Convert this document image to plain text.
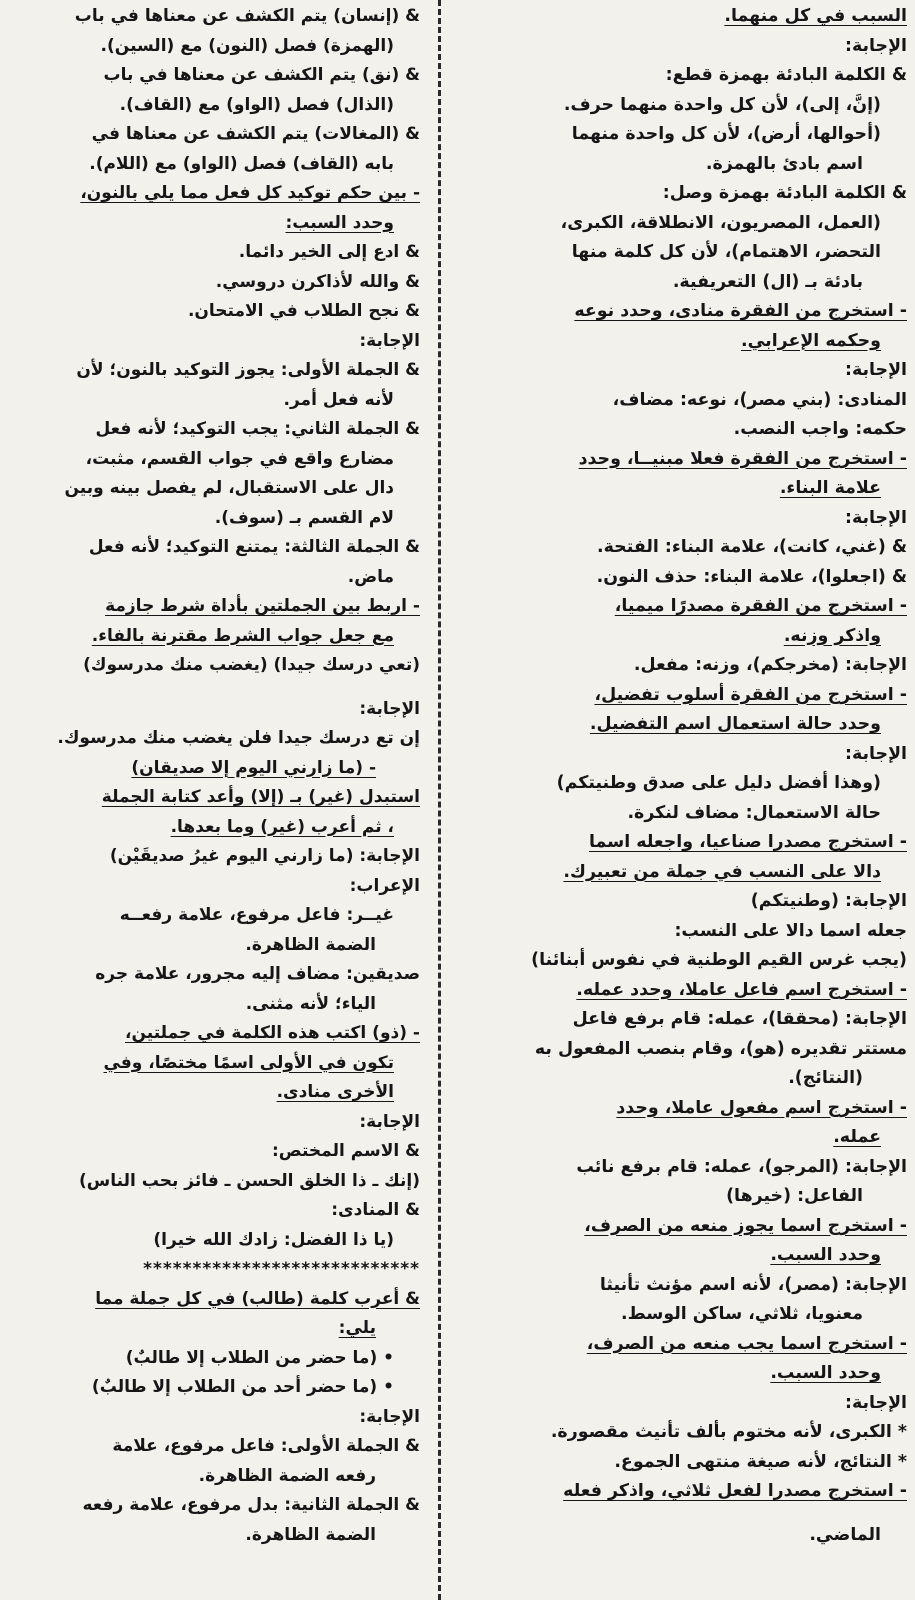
السبب في كل منهما.
الإجابة:
& الكلمة البادئة بهمزة قطع:
(إنَّ، إلى)، لأن كل واحدة منهما حرف.
(أحوالها، أرض)، لأن كل واحدة منهما
اسم بادئ بالهمزة.
& الكلمة البادئة بهمزة وصل:
(العمل، المصريون، الانطلاقة، الكبرى،
التحضر، الاهتمام)، لأن كل كلمة منها
بادئة بـ (ال) التعريفية.
- استخرج من الفقرة منادى، وحدد نوعه
وحكمه الإعرابي.
الإجابة:
المنادى: (بني مصر)، نوعه: مضاف،
حكمه: واجب النصب.
- استخرج من الفقرة فعلا مبنيــا، وحدد
علامة البناء.
الإجابة:
& (غني، كانت)، علامة البناء: الفتحة.
& (اجعلوا)، علامة البناء: حذف النون.
- استخرج من الفقرة مصدرًا ميميا،
واذكر وزنه.
الإجابة: (مخرجكم)، وزنه: مفعل.
- استخرج من الفقرة أسلوب تفضيل،
وحدد حالة استعمال اسم التفضيل.
الإجابة:
(وهذا أفضل دليل على صدق وطنيتكم)
حالة الاستعمال: مضاف لنكرة.
- استخرج مصدرا صناعيا، واجعله اسما
دالا على النسب في جملة من تعبيرك.
الإجابة: (وطنيتكم)
جعله اسما دالا على النسب:
(يجب غرس القيم الوطنية في نفوس أبنائنا)
- استخرج اسم فاعل عاملا، وحدد عمله.
الإجابة: (محققا)، عمله: قام برفع فاعل
مستتر تقديره (هو)، وقام بنصب المفعول به
(النتائج).
- استخرج اسم مفعول عاملا، وحدد
عمله.
الإجابة: (المرجو)، عمله: قام برفع نائب
الفاعل: (خيرها)
- استخرج اسما يجوز منعه من الصرف،
وحدد السبب.
الإجابة: (مصر)، لأنه اسم مؤنث تأنيثا
معنويا، ثلاثي، ساكن الوسط.
- استخرج اسما يجب منعه من الصرف،
وحدد السبب.
الإجابة:
* الكبرى، لأنه مختوم بألف تأنيث مقصورة.
* النتائج، لأنه صيغة منتهى الجموع.
- استخرج مصدرا لفعل ثلاثي، واذكر فعله
الماضي.
& (إنسان) يتم الكشف عن معناها في باب
(الهمزة) فصل (النون) مع (السين).
& (نق) يتم الكشف عن معناها في باب
(الذال) فصل (الواو) مع (القاف).
& (المغالات) يتم الكشف عن معناها في
بابه (القاف) فصل (الواو) مع (اللام).
- بين حكم توكيد كل فعل مما يلي بالنون،
وحدد السبب:
& ادع إلى الخير دائما.
& والله لأذاكرن دروسي.
& نجح الطلاب في الامتحان.
الإجابة:
& الجملة الأولى: يجوز التوكيد بالنون؛ لأن
لأنه فعل أمر.
& الجملة الثاني: يجب التوكيد؛ لأنه فعل
مضارع واقع في جواب القسم، مثبت،
دال على الاستقبال، لم يفصل بينه وبين
لام القسم بـ (سوف).
& الجملة الثالثة: يمتنع التوكيد؛ لأنه فعل
ماض.
- اربط بين الجملتين بأداة شرط جازمة
مع جعل جواب الشرط مقترنة بالفاء.
(تعي درسك جيدا) (يغضب منك مدرسوك)
الإجابة:
إن تع درسك جيدا فلن يغضب منك مدرسوك.
- (ما زارني اليوم إلا صديقان)
استبدل (غير) بـ (إلا) وأعد كتابة الجملة
، ثم أعرب (غير) وما بعدها.
الإجابة: (ما زارني اليوم غيرُ صديقَيْن)
الإعراب:
غيــر: فاعل مرفوع، علامة رفعــه
الضمة الظاهرة.
صديقين: مضاف إليه مجرور، علامة جره
الياء؛ لأنه مثنى.
- (ذو) اكتب هذه الكلمة في جملتين،
تكون في الأولى اسمًا مختصًا، وفي
الأخرى منادى.
الإجابة:
& الاسم المختص:
(إنك ـ ذا الخلق الحسن ـ فائز بحب الناس)
& المنادى:
(يا ذا الفضل: زادك الله خيرا)
****************************
& أعرب كلمة (طالب) في كل جملة مما
يلي:
• (ما حضر من الطلاب إلا طالبٌ)
• (ما حضر أحد من الطلاب إلا طالبٌ)
الإجابة:
& الجملة الأولى: فاعل مرفوع، علامة
رفعه الضمة الظاهرة.
& الجملة الثانية: بدل مرفوع، علامة رفعه
الضمة الظاهرة.
